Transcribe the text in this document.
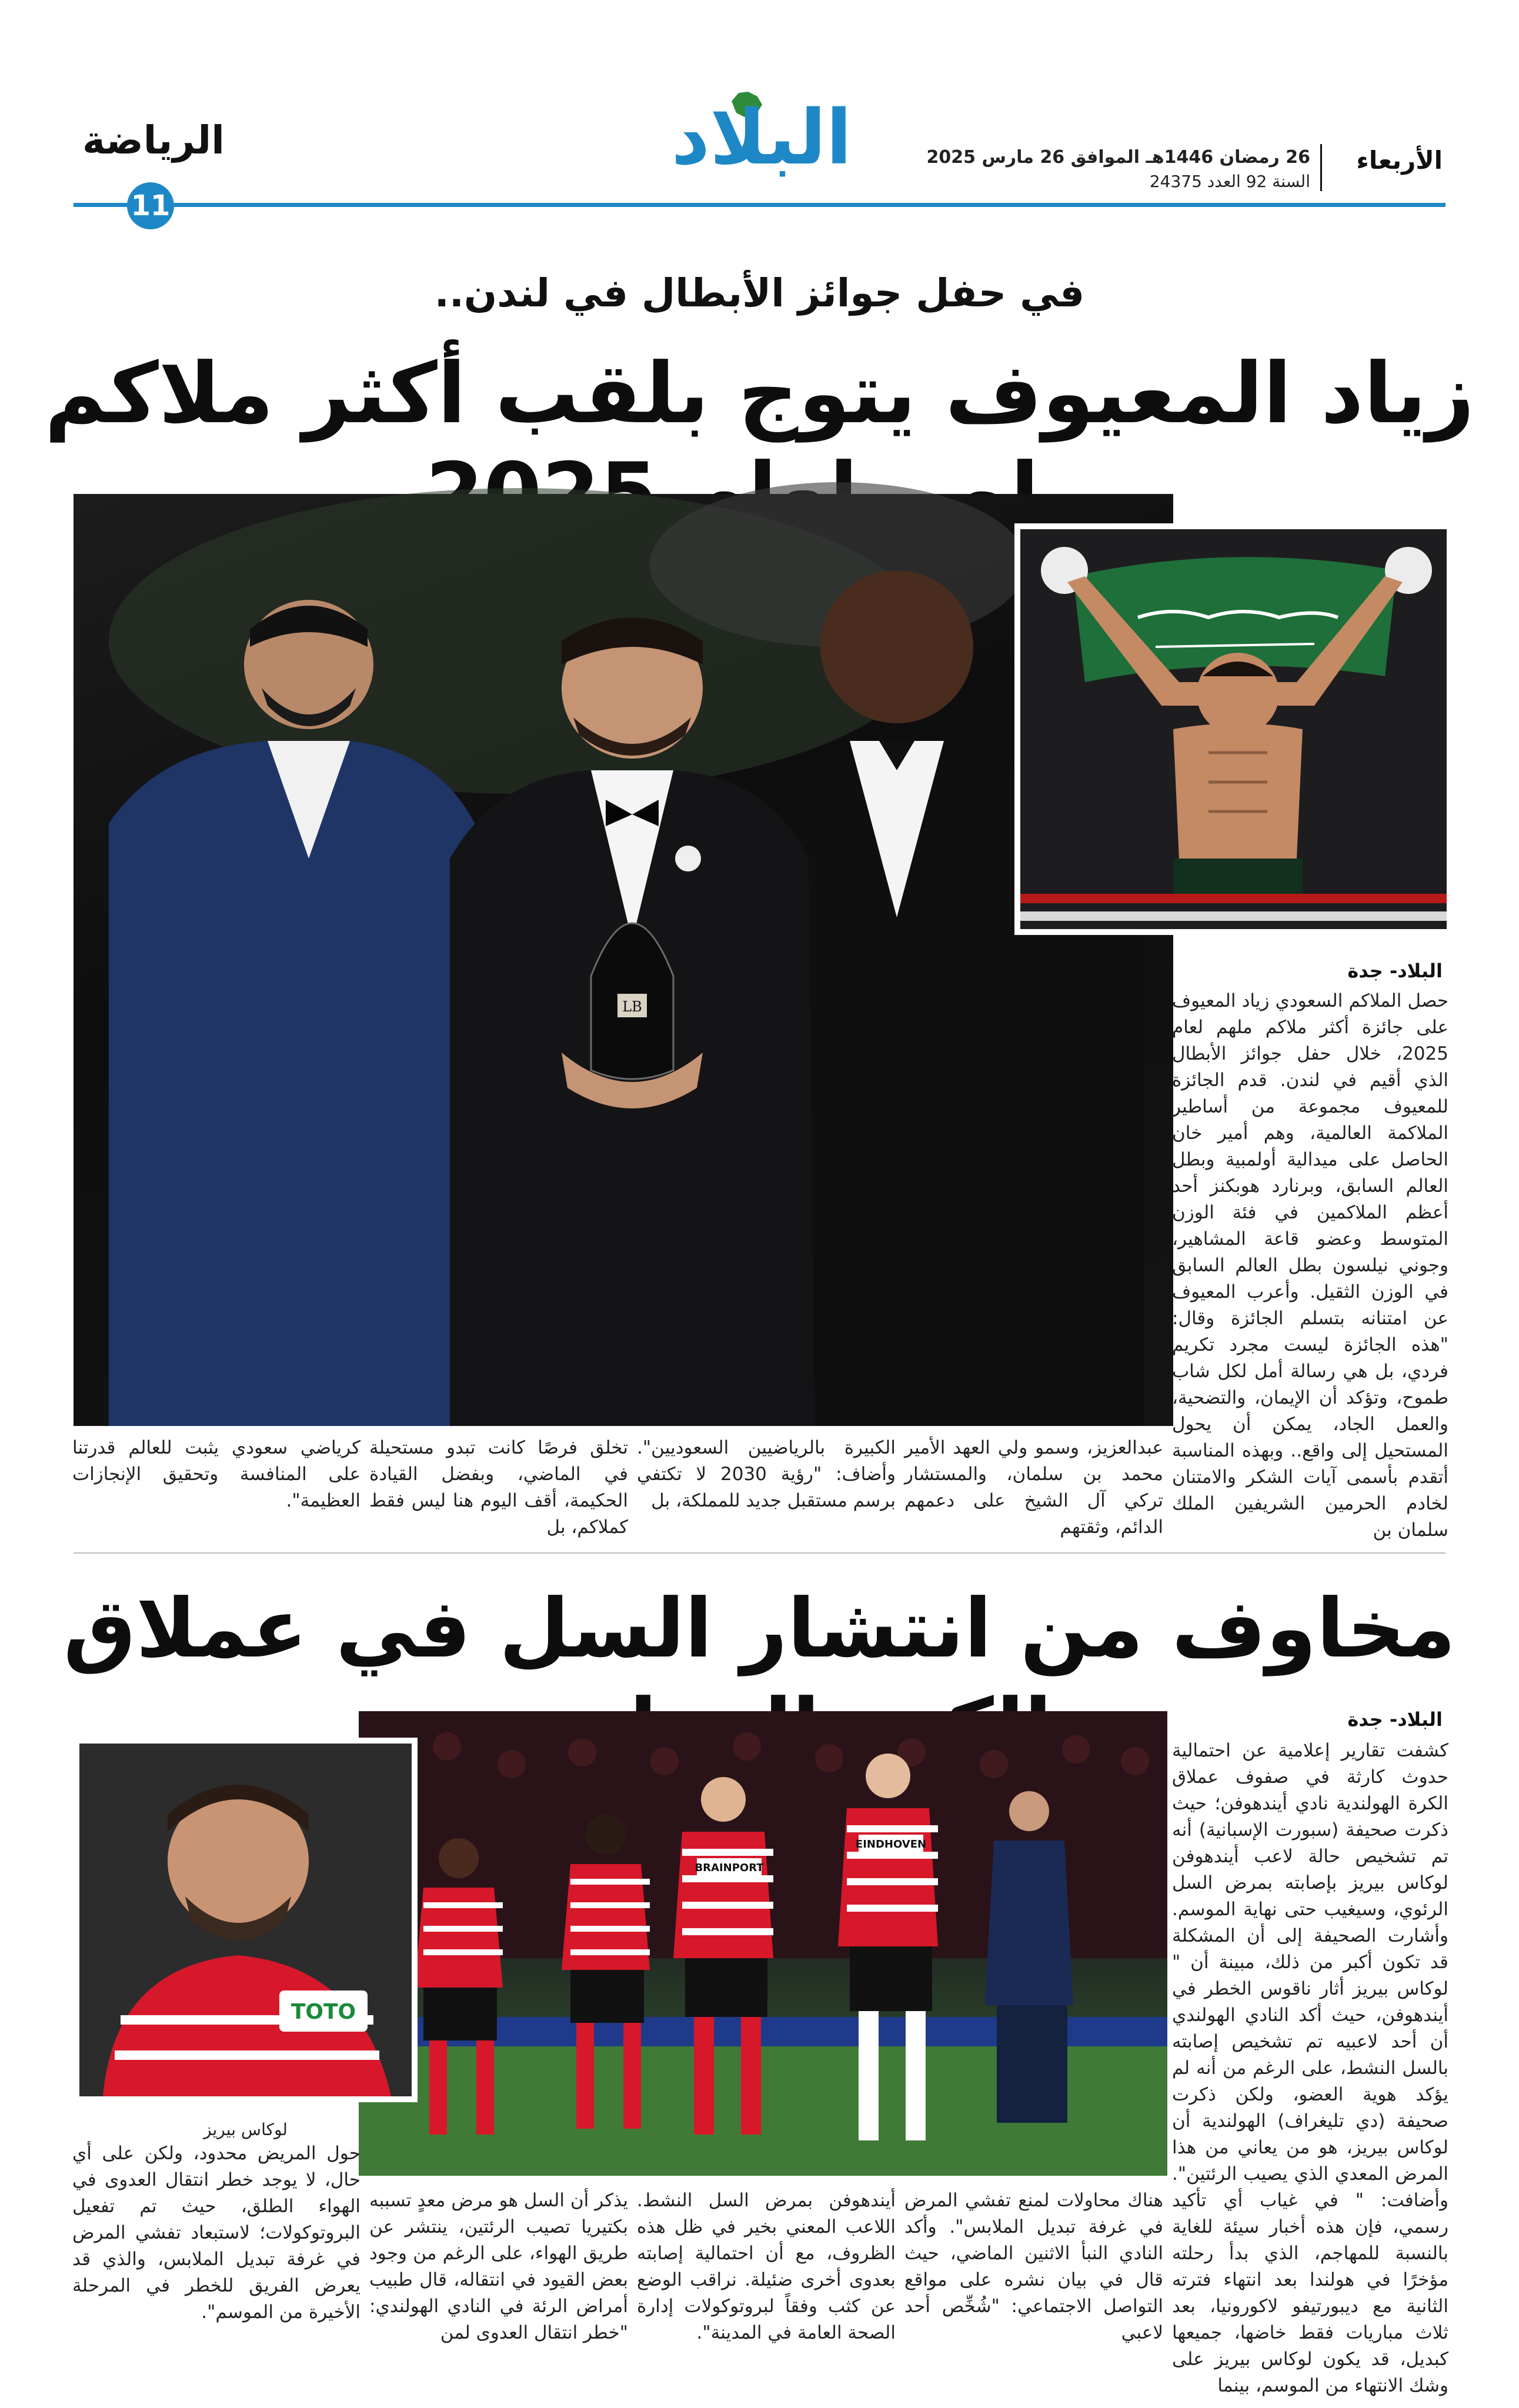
الأربعاء
26 رمضان 1446هـ الموافق 26 مارس 2025
السنة 92 العدد 24375
البلاد
الرياضة
11
في حفل جوائز الأبطال في لندن..
زياد المعيوف يتوج بلقب أكثر ملاكم
LB
البلاد- جدة
حصل الملاكم السعودي زياد المعيوف على جائزة أكثر ملاكم ملهم لعام 2025، خلال حفل جوائز الأبطال الذي أقيم في لندن. قدم الجائزة للمعيوف مجموعة من أساطير الملاكمة العالمية، وهم أمير خان الحاصل على ميدالية أولمبية وبطل العالم السابق، وبرنارد هوبكنز أحد أعظم الملاكمين في فئة الوزن المتوسط وعضو قاعة المشاهير، وجوني نيلسون بطل العالم السابق في الوزن الثقيل. وأعرب المعيوف عن امتنانه بتسلم الجائزة وقال: "هذه الجائزة ليست مجرد تكريم فردي، بل هي رسالة أمل لكل شاب طموح، وتؤكد أن الإيمان، والتضحية، والعمل الجاد، يمكن أن يحول المستحيل إلى واقع.. وبهذه المناسبة أتقدم بأسمى آيات الشكر والامتنان لخادم الحرمين الشريفين الملك سلمان بن
عبدالعزيز، وسمو ولي العهد الأمير محمد بن سلمان، والمستشار تركي آل الشيخ على دعمهم الدائم، وثقتهم
الكبيرة بالرياضيين السعوديين". وأضاف: "رؤية 2030 لا تكتفي برسم مستقبل جديد للمملكة، بل
تخلق فرصًا كانت تبدو مستحيلة في الماضي، وبفضل القيادة الحكيمة، أقف اليوم هنا ليس فقط كملاكم، بل
كرياضي سعودي يثبت للعالم قدرتنا على المنافسة وتحقيق الإنجازات العظيمة".
مخاوف من انتشار السل في عملاق
البلاد- جدة
كشفت تقارير إعلامية عن احتمالية حدوث كارثة في صفوف عملاق الكرة الهولندية نادي أيندهوفن؛ حيث ذكرت صحيفة (سبورت الإسبانية) أنه تم تشخيص حالة لاعب أيندهوفن لوكاس بيريز بإصابته بمرض السل الرئوي، وسيغيب حتى نهاية الموسم. وأشارت الصحيفة إلى أن المشكلة قد تكون أكبر من ذلك، مبينة أن " لوكاس بيريز أثار ناقوس الخطر في أيندهوفن، حيث أكد النادي الهولندي أن أحد لاعبيه تم تشخيص إصابته بالسل النشط، على الرغم من أنه لم يؤكد هوية العضو، ولكن ذكرت صحيفة (دي تليغراف) الهولندية أن لوكاس بيريز، هو من يعاني من هذا المرض المعدي الذي يصيب الرئتين". وأضافت: " في غياب أي تأكيد رسمي، فإن هذه أخبار سيئة للغاية بالنسبة للمهاجم، الذي بدأ رحلته مؤخرًا في هولندا بعد انتهاء فترته الثانية مع ديبورتيفو لاكورونيا، بعد ثلاث مباريات فقط خاضها، جميعها كبديل، قد يكون لوكاس بيريز على وشك الانتهاء من الموسم، بينما
BRAINPORT
EINDHOVEN
TOTO
لوكاس بيريز
هناك محاولات لمنع تفشي المرض في غرفة تبديل الملابس". وأكد النادي النبأ الاثنين الماضي، حيث قال في بيان نشره على مواقع التواصل الاجتماعي: "شُخِّص أحد لاعبي
أيندهوفن بمرض السل النشط. اللاعب المعني بخير في ظل هذه الظروف، مع أن احتمالية إصابته بعدوى أخرى ضئيلة. نراقب الوضع عن كثب وفقاً لبروتوكولات إدارة الصحة العامة في المدينة".
يذكر أن السل هو مرض معدٍ تسببه بكتيريا تصيب الرئتين، ينتشر عن طريق الهواء، على الرغم من وجود بعض القيود في انتقاله، قال طبيب أمراض الرئة في النادي الهولندي: "خطر انتقال العدوى لمن
حول المريض محدود، ولكن على أي حال، لا يوجد خطر انتقال العدوى في الهواء الطلق، حيث تم تفعيل البروتوكولات؛ لاستبعاد تفشي المرض في غرفة تبديل الملابس، والذي قد يعرض الفريق للخطر في المرحلة الأخيرة من الموسم".
